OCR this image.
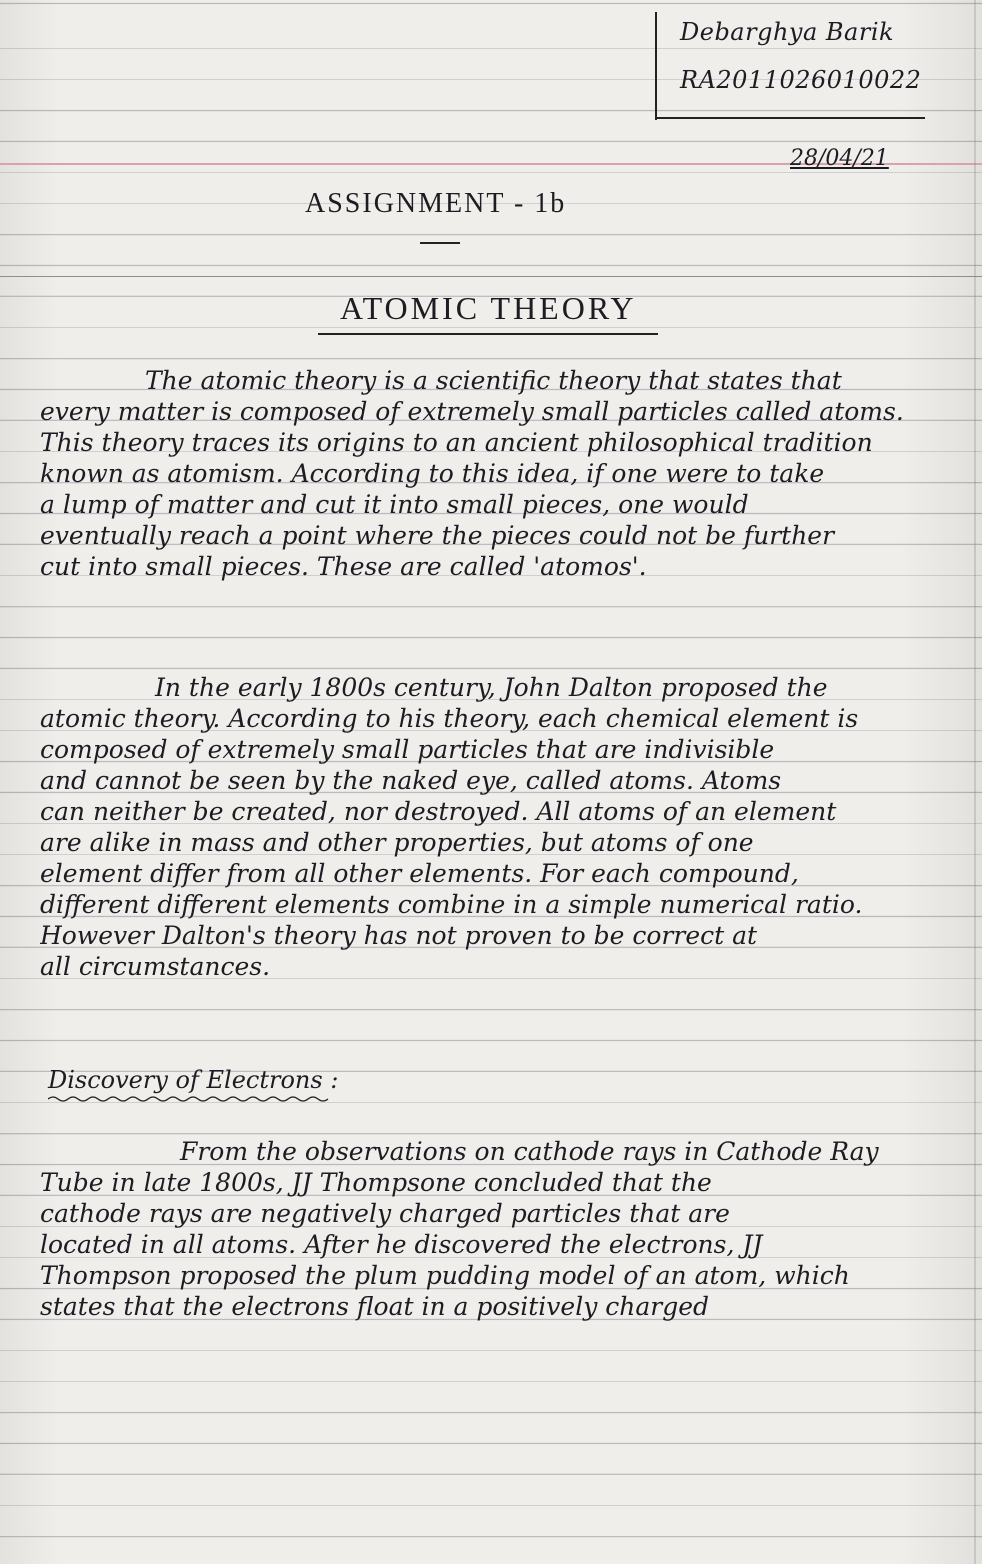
Debarghya Barik
RA2011026010022
28/04/21
ASSIGNMENT - 1b
ATOMIC THEORY

The atomic theory is a scientific theory that states that
every matter is composed of extremely small particles called atoms.
This theory traces its origins to an ancient philosophical tradition
known as atomism. According to this idea, if one were to take
a lump of matter and cut it into small pieces, one would
eventually reach a point where the pieces could not be further
cut into small pieces. These are called 'atomos'.

In the early 1800s century, John Dalton proposed the
atomic theory. According to his theory, each chemical element is
composed of extremely small particles that are indivisible
and cannot be seen by the naked eye, called atoms. Atoms
can neither be created, nor destroyed. All atoms of an element
are alike in mass and other properties, but atoms of one
element differ from all other elements. For each compound,
different different elements combine in a simple numerical ratio.
However Dalton's theory has not proven to be correct at
all circumstances.

Discovery of Electrons :

From the observations on cathode rays in Cathode Ray
Tube in late 1800s, JJ Thompsone concluded that the
cathode rays are negatively charged particles that are
located in all atoms. After he discovered the electrons, JJ
Thompson proposed the plum pudding model of an atom, which
states that the electrons float in a positively charged
